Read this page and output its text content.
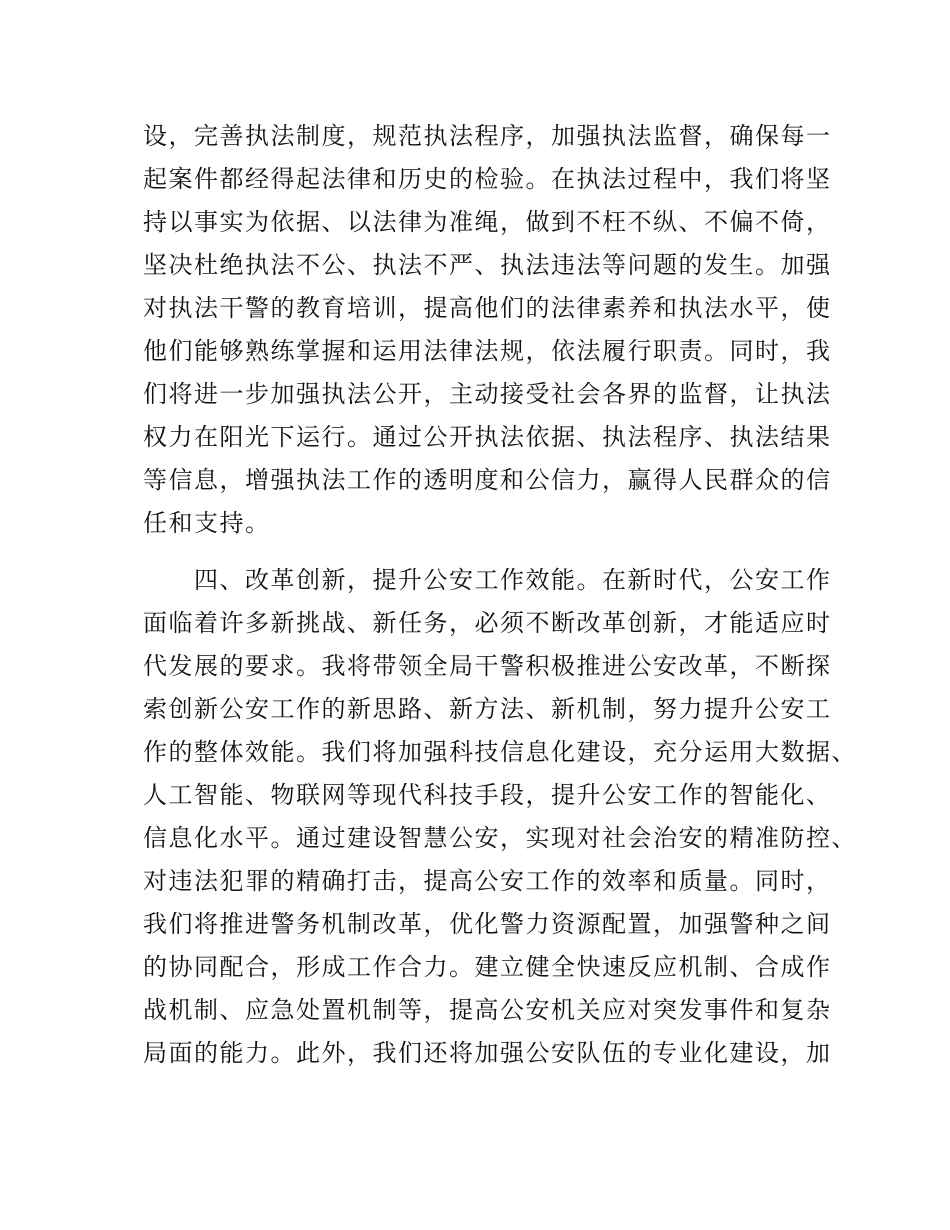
设，完善执法制度，规范执法程序，加强执法监督，确保每一
起案件都经得起法律和历史的检验。在执法过程中，我们将坚
持以事实为依据、以法律为准绳，做到不枉不纵、不偏不倚，
坚决杜绝执法不公、执法不严、执法违法等问题的发生。加强
对执法干警的教育培训，提高他们的法律素养和执法水平，使
他们能够熟练掌握和运用法律法规，依法履行职责。同时，我
们将进一步加强执法公开，主动接受社会各界的监督，让执法
权力在阳光下运行。通过公开执法依据、执法程序、执法结果
等信息，增强执法工作的透明度和公信力，赢得人民群众的信
任和支持。
　　四、改革创新，提升公安工作效能。在新时代，公安工作
面临着许多新挑战、新任务，必须不断改革创新，才能适应时
代发展的要求。我将带领全局干警积极推进公安改革，不断探
索创新公安工作的新思路、新方法、新机制，努力提升公安工
作的整体效能。我们将加强科技信息化建设，充分运用大数据、
人工智能、物联网等现代科技手段，提升公安工作的智能化、
信息化水平。通过建设智慧公安，实现对社会治安的精准防控、
对违法犯罪的精确打击，提高公安工作的效率和质量。同时，
我们将推进警务机制改革，优化警力资源配置，加强警种之间
的协同配合，形成工作合力。建立健全快速反应机制、合成作
战机制、应急处置机制等，提高公安机关应对突发事件和复杂
局面的能力。此外，我们还将加强公安队伍的专业化建设，加
